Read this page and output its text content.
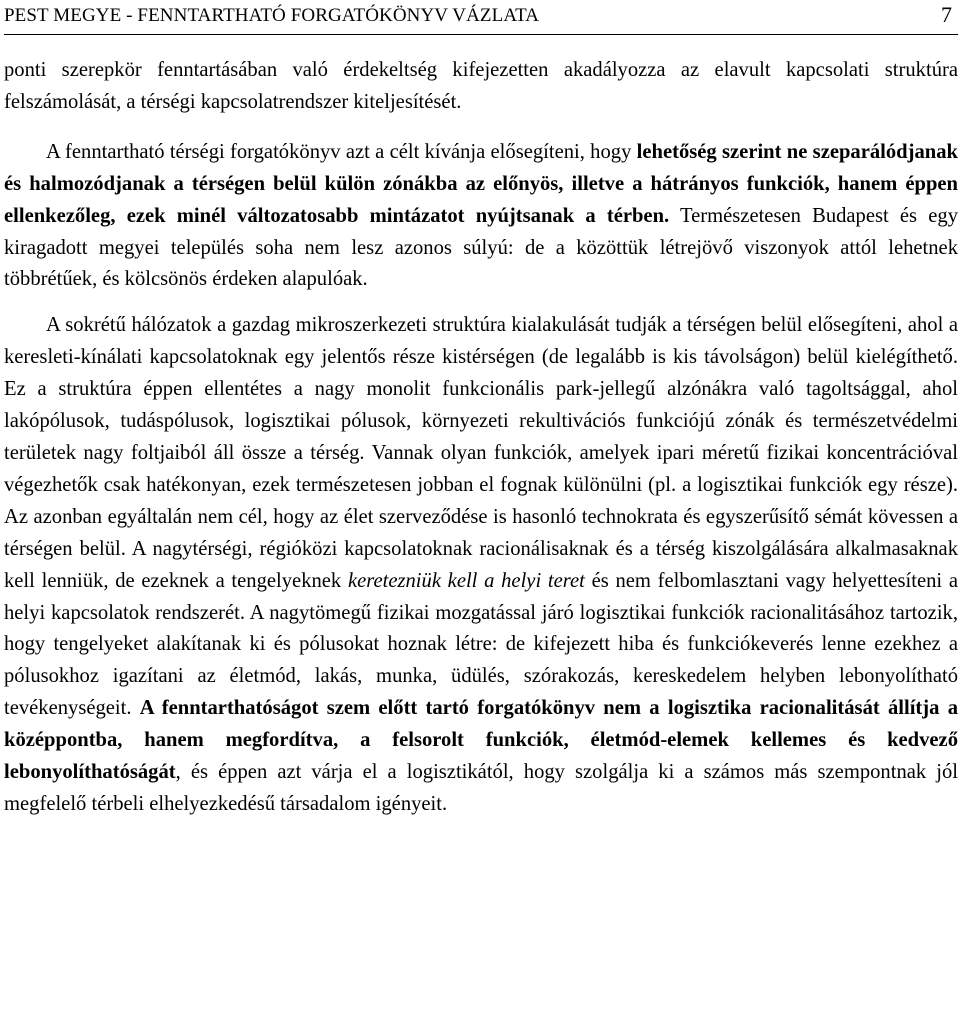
PEST MEGYE - FENNTARTHATÓ FORGATÓKÖNYV VÁZLATA	7

ponti szerepkör fenntartásában való érdekeltség kifejezetten akadályozza az elavult kapcsolati struktúra felszámolását, a térségi kapcsolatrendszer kiteljesítését.

A fenntartható térségi forgatókönyv azt a célt kívánja elősegíteni, hogy lehetőség szerint ne szeparálódjanak és halmozódjanak a térségen belül külön zónákba az előnyös, illetve a hátrányos funkciók, hanem éppen ellenkezőleg, ezek minél változatosabb mintázatot nyújtsanak a térben. Természetesen Budapest és egy kiragadott megyei település soha nem lesz azonos súlyú: de a közöttük létrejövő viszonyok attól lehetnek többrétűek, és kölcsönös érdeken alapulóak.

A sokrétű hálózatok a gazdag mikroszerkezeti struktúra kialakulását tudják a térségen belül elősegíteni, ahol a keresleti-kínálati kapcsolatoknak egy jelentős része kistérségen (de legalább is kis távolságon) belül kielégíthető. Ez a struktúra éppen ellentétes a nagy monolit funkcionális park-jellegű alzónákra való tagoltsággal, ahol lakópólusok, tudáspólusok, logisztikai pólusok, környezeti rekultivációs funkciójú zónák és természetvédelmi területek nagy foltjaiból áll össze a térség. Vannak olyan funkciók, amelyek ipari méretű fizikai koncentrációval végezhetők csak hatékonyan, ezek természetesen jobban el fognak különülni (pl. a logisztikai funkciók egy része). Az azonban egyáltalán nem cél, hogy az élet szerveződése is hasonló technokrata és egyszerűsítő sémát kövessen a térségen belül. A nagytérségi, régióközi kapcsolatoknak racionálisaknak és a térség kiszolgálására alkalmasaknak kell lenniük, de ezeknek a tengelyeknek keretezniük kell a helyi teret és nem felbomlasztani vagy helyettesíteni a helyi kapcsolatok rendszerét. A nagytömegű fizikai mozgatással járó logisztikai funkciók racionalitásához tartozik, hogy tengelyeket alakítanak ki és pólusokat hoznak létre: de kifejezett hiba és funkciókeverés lenne ezekhez a pólusokhoz igazítani az életmód, lakás, munka, üdülés, szórakozás, kereskedelem helyben lebonyolítható tevékenységeit. A fenntarthatóságot szem előtt tartó forgatókönyv nem a logisztika racionalitását állítja a középpontba, hanem megfordítva, a felsorolt funkciók, életmód-elemek kellemes és kedvező lebonyolíthatóságát, és éppen azt várja el a logisztikától, hogy szolgálja ki a számos más szempontnak jól megfelelő térbeli elhelyezkedésű társadalom igényeit.
